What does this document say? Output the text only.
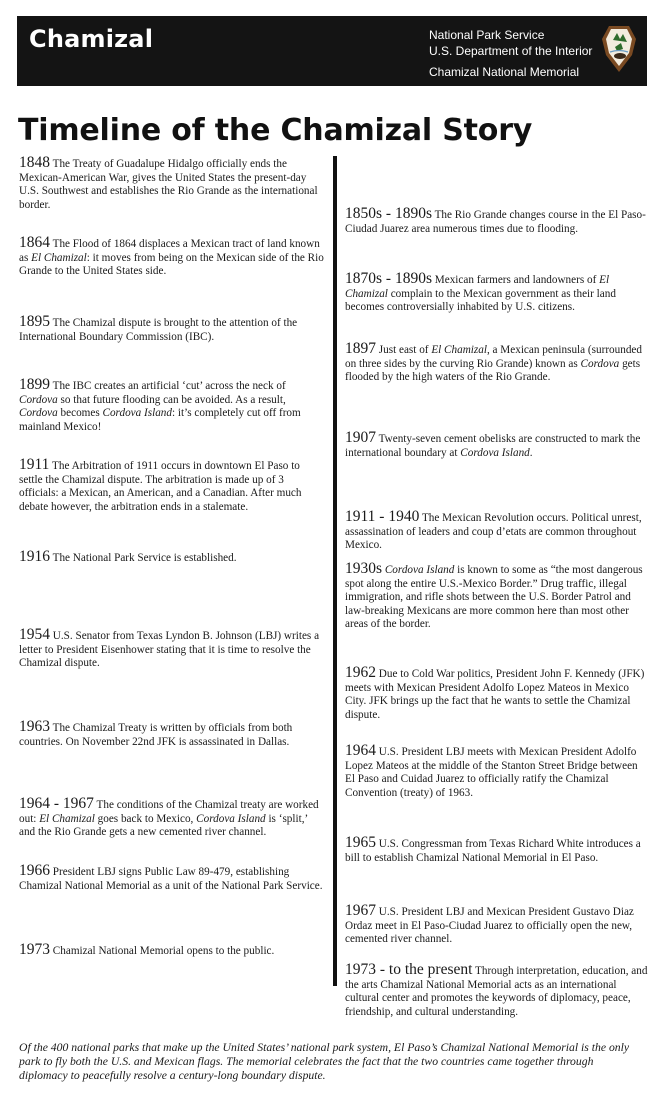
Chamizal	National Park Service
U.S. Department of the Interior
Chamizal National Memorial
Timeline of the Chamizal Story

1848 The Treaty of Guadalupe Hidalgo officially ends the Mexican-American War, gives the United States the present-day U.S. Southwest and establishes the Rio Grande as the international border.

1864 The Flood of 1864 displaces a Mexican tract of land known as El Chamizal: it moves from being on the Mexican side of the Rio Grande to the United States side.

1895 The Chamizal dispute is brought to the attention of the International Boundary Commission (IBC).

1899 The IBC creates an artificial ‘cut’ across the neck of Cordova so that future flooding can be avoided. As a result, Cordova becomes Cordova Island: it’s completely cut off from mainland Mexico!

1911 The Arbitration of 1911 occurs in downtown El Paso to settle the Chamizal dispute. The arbitration is made up of 3 officials: a Mexican, an American, and a Canadian. After much debate however, the arbitration ends in a stalemate.

1916 The National Park Service is established.

1954 U.S. Senator from Texas Lyndon B. Johnson (LBJ) writes a letter to President Eisenhower stating that it is time to resolve the Chamizal dispute.

1963 The Chamizal Treaty is written by officials from both countries. On November 22nd JFK is assassinated in Dallas.

1964 - 1967 The conditions of the Chamizal treaty are worked out: El Chamizal goes back to Mexico, Cordova Island is ‘split,’ and the Rio Grande gets a new cemented river channel.

1966 President LBJ signs Public Law 89-479, establishing Chamizal National Memorial as a unit of the National Park Service.

1973 Chamizal National Memorial opens to the public.

1850s - 1890s The Rio Grande changes course in the El Paso-Ciudad Juarez area numerous times due to flooding.

1870s - 1890s Mexican farmers and landowners of El Chamizal complain to the Mexican government as their land becomes controversially inhabited by U.S. citizens.

1897 Just east of El Chamizal, a Mexican peninsula (surrounded on three sides by the curving Rio Grande) known as Cordova gets flooded by the high waters of the Rio Grande.

1907 Twenty-seven cement obelisks are constructed to mark the international boundary at Cordova Island.

1911 - 1940 The Mexican Revolution occurs. Political unrest, assassination of leaders and coup d’etats are common throughout Mexico.

1930s Cordova Island is known to some as “the most dangerous spot along the entire U.S.-Mexico Border.” Drug traffic, illegal immigration, and rifle shots between the U.S. Border Patrol and law-breaking Mexicans are more common here than most other areas of the border.

1962 Due to Cold War politics, President John F. Kennedy (JFK) meets with Mexican President Adolfo Lopez Mateos in Mexico City. JFK brings up the fact that he wants to settle the Chamizal dispute.

1964 U.S. President LBJ meets with Mexican President Adolfo Lopez Mateos at the middle of the Stanton Street Bridge between El Paso and Cuidad Juarez to officially ratify the Chamizal Convention (treaty) of 1963.

1965 U.S. Congressman from Texas Richard White introduces a bill to establish Chamizal National Memorial in El Paso.

1967 U.S. President LBJ and Mexican President Gustavo Diaz Ordaz meet in El Paso-Ciudad Juarez to officially open the new, cemented river channel.

1973 - to the present Through interpretation, education, and the arts Chamizal National Memorial acts as an international cultural center and promotes the keywords of diplomacy, peace, friendship, and cultural understanding.

Of the 400 national parks that make up the United States’ national park system, El Paso’s Chamizal National Memorial is the only park to fly both the U.S. and Mexican flags. The memorial celebrates the fact that the two countries came together through diplomacy to peacefully resolve a century-long boundary dispute.
